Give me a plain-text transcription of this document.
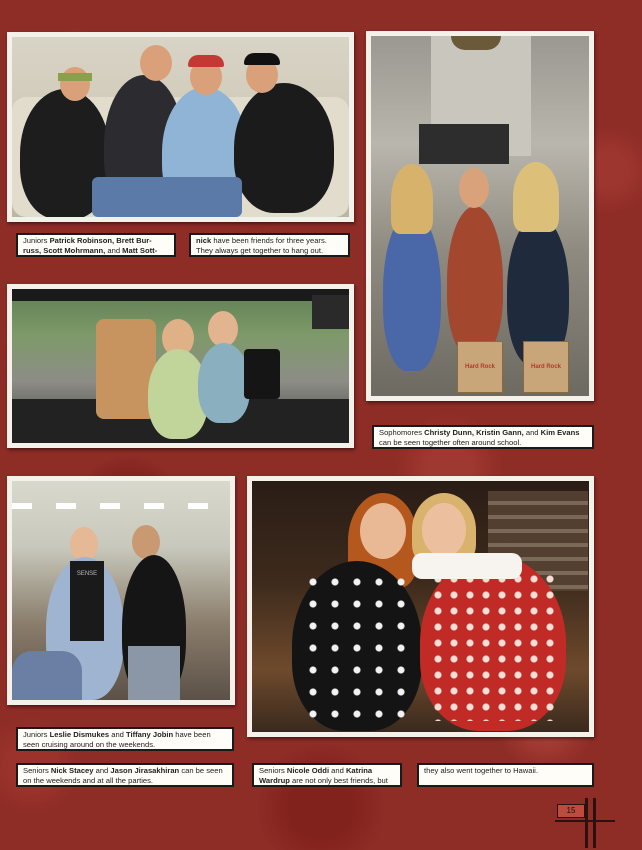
Hard Rock	Hard Rock
Juniors Patrick Robinson, Brett Bur-russ, Scott Mohrmann, and Matt Sott-
nick have been friends for three years. They always get together to hang out.
Sophomores Christy Dunn, Kristin Gann, and Kim Evans can be seen together often around school.
SENSE
Juniors Leslie Dismukes and Tiffany Jobin have been seen cruising around on the weekends.
Seniors Nick Stacey and Jason Jirasakhiran can be seen on the weekends and at all the parties.
Seniors Nicole Oddi and Katrina Wardrup are not only best friends, but
they also went together to Hawaii.
15
